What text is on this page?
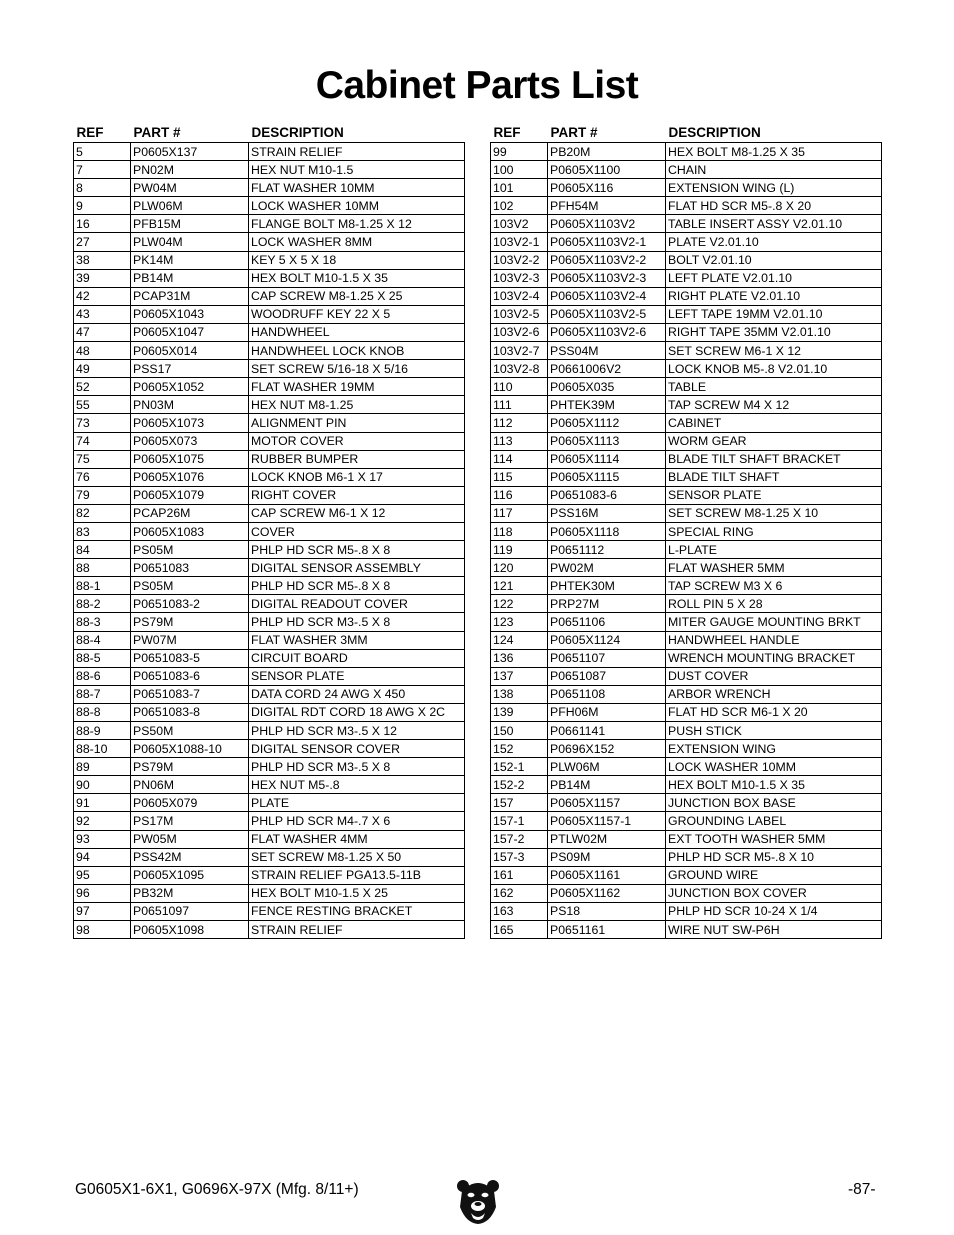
Cabinet Parts List
REF	PART #	DESCRIPTION
5	P0605X137	STRAIN RELIEF
7	PN02M	HEX NUT M10-1.5
8	PW04M	FLAT WASHER 10MM
9	PLW06M	LOCK WASHER 10MM
16	PFB15M	FLANGE BOLT M8-1.25 X 12
27	PLW04M	LOCK WASHER 8MM
38	PK14M	KEY 5 X 5 X 18
39	PB14M	HEX BOLT M10-1.5 X 35
42	PCAP31M	CAP SCREW M8-1.25 X 25
43	P0605X1043	WOODRUFF KEY 22 X 5
47	P0605X1047	HANDWHEEL
48	P0605X014	HANDWHEEL LOCK KNOB
49	PSS17	SET SCREW 5/16-18 X 5/16
52	P0605X1052	FLAT WASHER 19MM
55	PN03M	HEX NUT M8-1.25
73	P0605X1073	ALIGNMENT PIN
74	P0605X073	MOTOR COVER
75	P0605X1075	RUBBER BUMPER
76	P0605X1076	LOCK KNOB M6-1 X 17
79	P0605X1079	RIGHT COVER
82	PCAP26M	CAP SCREW M6-1 X 12
83	P0605X1083	COVER
84	PS05M	PHLP HD SCR M5-.8 X 8
88	P0651083	DIGITAL SENSOR ASSEMBLY
88-1	PS05M	PHLP HD SCR M5-.8 X 8
88-2	P0651083-2	DIGITAL READOUT COVER
88-3	PS79M	PHLP HD SCR M3-.5 X 8
88-4	PW07M	FLAT WASHER 3MM
88-5	P0651083-5	CIRCUIT BOARD
88-6	P0651083-6	SENSOR PLATE
88-7	P0651083-7	DATA CORD 24 AWG X 450
88-8	P0651083-8	DIGITAL RDT CORD 18 AWG X 2C
88-9	PS50M	PHLP HD SCR M3-.5 X 12
88-10	P0605X1088-10	DIGITAL SENSOR COVER
89	PS79M	PHLP HD SCR M3-.5 X 8
90	PN06M	HEX NUT M5-.8
91	P0605X079	PLATE
92	PS17M	PHLP HD SCR M4-.7 X 6
93	PW05M	FLAT WASHER 4MM
94	PSS42M	SET SCREW M8-1.25 X 50
95	P0605X1095	STRAIN RELIEF PGA13.5-11B
96	PB32M	HEX BOLT M10-1.5 X 25
97	P0651097	FENCE RESTING BRACKET
98	P0605X1098	STRAIN RELIEF
REF	PART #	DESCRIPTION
99	PB20M	HEX BOLT M8-1.25 X 35
100	P0605X1100	CHAIN
101	P0605X116	EXTENSION WING (L)
102	PFH54M	FLAT HD SCR M5-.8 X 20
103V2	P0605X1103V2	TABLE INSERT ASSY V2.01.10
103V2-1	P0605X1103V2-1	PLATE V2.01.10
103V2-2	P0605X1103V2-2	BOLT V2.01.10
103V2-3	P0605X1103V2-3	LEFT PLATE V2.01.10
103V2-4	P0605X1103V2-4	RIGHT PLATE V2.01.10
103V2-5	P0605X1103V2-5	LEFT TAPE 19MM V2.01.10
103V2-6	P0605X1103V2-6	RIGHT TAPE 35MM V2.01.10
103V2-7	PSS04M	SET SCREW M6-1 X 12
103V2-8	P0661006V2	LOCK KNOB M5-.8 V2.01.10
110	P0605X035	TABLE
111	PHTEK39M	TAP SCREW M4 X 12
112	P0605X1112	CABINET
113	P0605X1113	WORM GEAR
114	P0605X1114	BLADE TILT SHAFT BRACKET
115	P0605X1115	BLADE TILT SHAFT
116	P0651083-6	SENSOR PLATE
117	PSS16M	SET SCREW M8-1.25 X 10
118	P0605X1118	SPECIAL RING
119	P0651112	L-PLATE
120	PW02M	FLAT WASHER 5MM
121	PHTEK30M	TAP SCREW M3 X 6
122	PRP27M	ROLL PIN 5 X 28
123	P0651106	MITER GAUGE MOUNTING BRKT
124	P0605X1124	HANDWHEEL HANDLE
136	P0651107	WRENCH MOUNTING BRACKET
137	P0651087	DUST COVER
138	P0651108	ARBOR WRENCH
139	PFH06M	FLAT HD SCR M6-1 X 20
150	P0661141	PUSH STICK
152	P0696X152	EXTENSION WING
152-1	PLW06M	LOCK WASHER 10MM
152-2	PB14M	HEX BOLT M10-1.5 X 35
157	P0605X1157	JUNCTION BOX BASE
157-1	P0605X1157-1	GROUNDING LABEL
157-2	PTLW02M	EXT TOOTH WASHER 5MM
157-3	PS09M	PHLP HD SCR M5-.8 X 10
161	P0605X1161	GROUND WIRE
162	P0605X1162	JUNCTION BOX COVER
163	PS18	PHLP HD SCR 10-24 X 1/4
165	P0651161	WIRE NUT SW-P6H
G0605X1-6X1, G0696X-97X (Mfg. 8/11+)	-87-
